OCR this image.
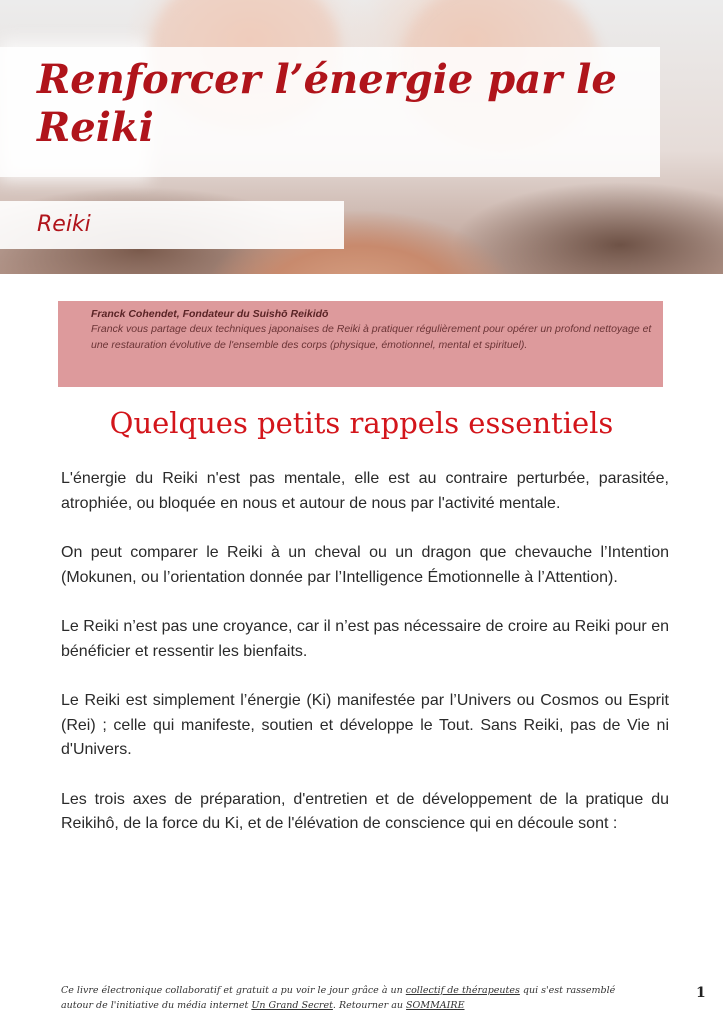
Renforcer l’énergie par le Reiki

Reiki

Franck Cohendet, Fondateur du Suishō Reikidō

Franck vous partage deux techniques japonaises de Reiki à pratiquer régulièrement pour opérer un profond nettoyage et une restauration évolutive de l'ensemble des corps (physique, émotionnel, mental et spirituel).

Quelques petits rappels essentiels

L'énergie du Reiki n'est pas mentale, elle est au contraire perturbée, parasitée, atrophiée, ou bloquée en nous et autour de nous par l'activité mentale.

On peut comparer le Reiki à un cheval ou un dragon que chevauche l’Intention (Mokunen, ou l’orientation donnée par l’Intelligence Émotionnelle à l’Attention).

Le Reiki n’est pas une croyance, car il n’est pas nécessaire de croire au Reiki pour en bénéficier et ressentir les bienfaits.

Le Reiki est simplement l’énergie (Ki) manifestée par l’Univers ou Cosmos ou Esprit (Rei) ; celle qui manifeste, soutien et développe le Tout. Sans Reiki, pas de Vie ni d'Univers.

Les trois axes de préparation, d'entretien et de développement de la pratique du Reikihô, de la force du Ki, et de l'élévation de conscience qui en découle sont :

Ce livre électronique collaboratif et gratuit a pu voir le jour grâce à un collectif de thérapeutes qui s'est rassemblé autour de l'initiative du média internet Un Grand Secret. Retourner au SOMMAIRE

1
